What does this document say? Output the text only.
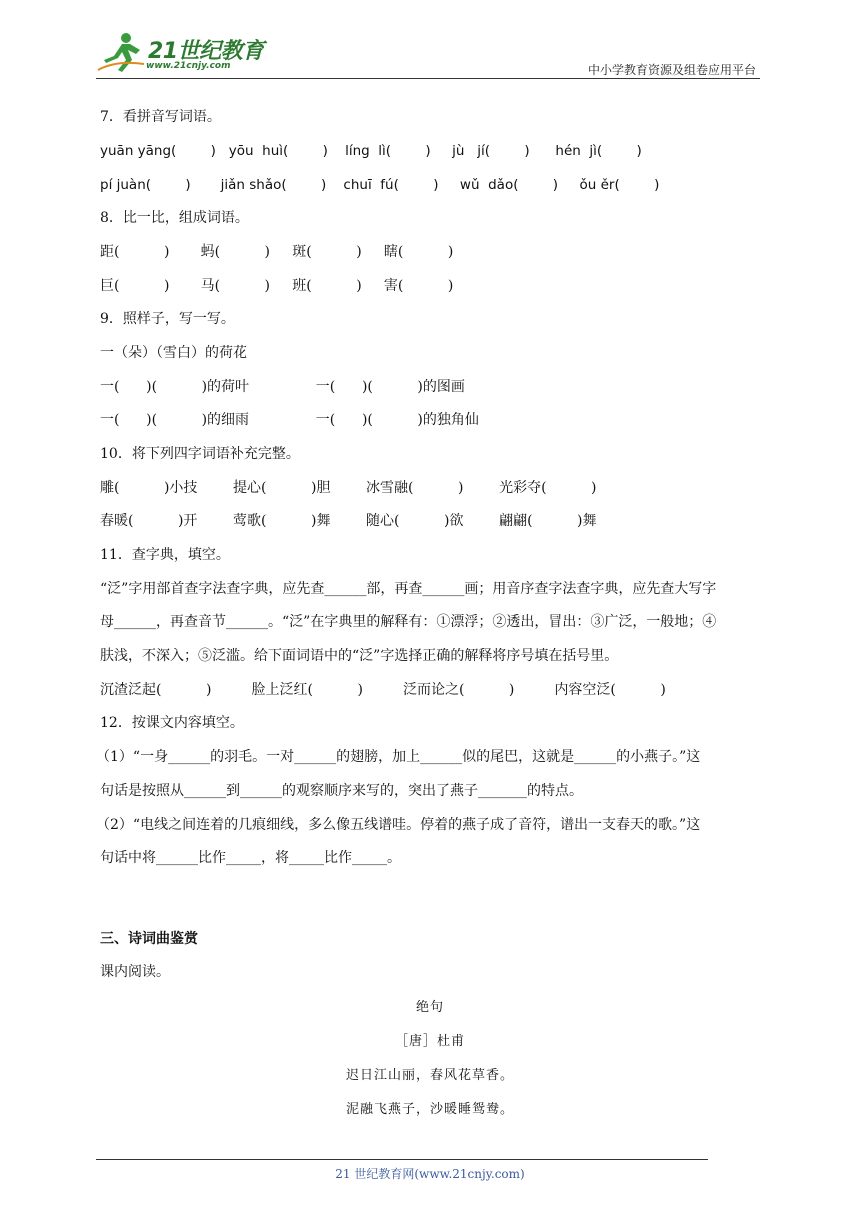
21世纪教育
www.21cnjy.com	中小学教育资源及组卷应用平台
7．看拼音写词语。
yuān yāng(        )   yōu  huì(        )    líng  lì(        )     jù   jí(        )      hén  jì(        )
pí juàn(        )       jiǎn shǎo(        )    chuī  fú(        )     wǔ  dǎo(        )     ǒu ěr(        )
8．比一比，组成词语。
距(          )       蚂(          )     斑(          )     瞎(          )
巨(          )       马(          )     班(          )     害(          )
9．照样子，写一写。
一（朵）（雪白）的荷花
一(      )(          )的荷叶               一(      )(          )的图画
一(      )(          )的细雨               一(      )(          )的独角仙
10．将下列四字词语补充完整。
雕(          )小技        提心(          )胆        冰雪融(          )        光彩夺(          )
春暖(          )开        莺歌(          )舞        随心(          )欲        翩翩(          )舞
11．查字典，填空。
“泛”字用部首查字法查字典，应先查______部，再查______画；用音序查字法查字典，应先查大写字
母______，再查音节______。“泛”在字典里的解释有：①漂浮；②透出，冒出：③广泛，一般地；④
肤浅，不深入；⑤泛滥。给下面词语中的“泛”字选择正确的解释将序号填在括号里。
沉渣泛起(          )         脸上泛红(          )         泛而论之(          )         内容空泛(          )
12．按课文内容填空。
（1）“一身______的羽毛。一对______的翅膀，加上______似的尾巴，这就是______的小燕子。”这
句话是按照从______到______的观察顺序来写的，突出了燕子_______的特点。
（2）“电线之间连着的几痕细线，多么像五线谱哇。停着的燕子成了音符，谱出一支春天的歌。”这
句话中将______比作_____，将_____比作_____。
三、诗词曲鉴赏
课内阅读。
绝句
［唐］杜甫
迟日江山丽，春风花草香。
泥融飞燕子，沙暖睡鸳鸯。
21 世纪教育网(www.21cnjy.com)
